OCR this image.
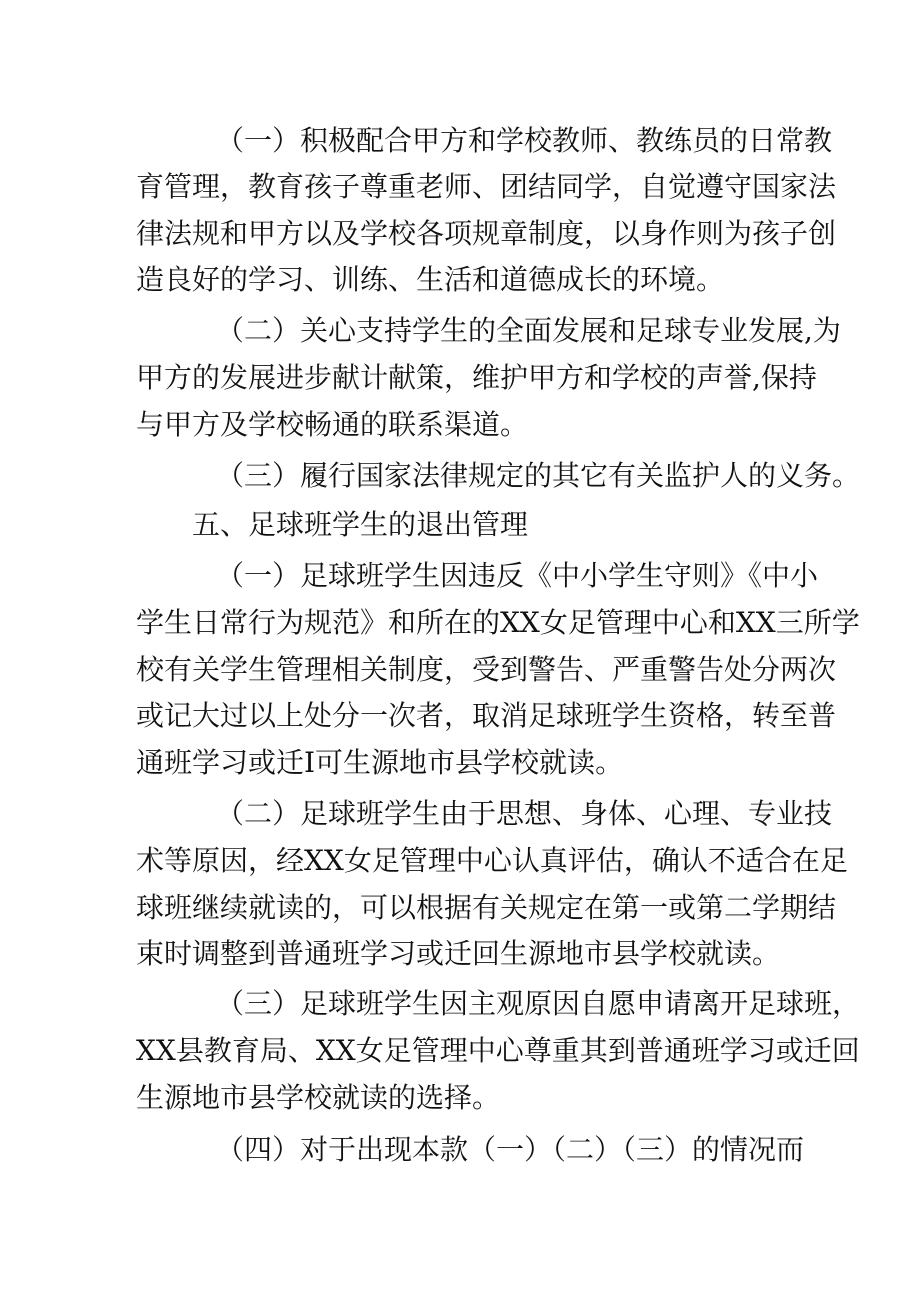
（一）积极配合甲方和学校教师、教练员的日常教
育管理，教育孩子尊重老师、团结同学，自觉遵守国家法
律法规和甲方以及学校各项规章制度，以身作则为孩子创
造良好的学习、训练、生活和道德成长的环境。
（二）关心支持学生的全面发展和足球专业发展,为
甲方的发展进步献计献策，维护甲方和学校的声誉,保持
与甲方及学校畅通的联系渠道。
（三）履行国家法律规定的其它有关监护人的义务。
五、足球班学生的退出管理
（一）足球班学生因违反《中小学生守则》《中小
学生日常行为规范》和所在的XX女足管理中心和XX三所学
校有关学生管理相关制度，受到警告、严重警告处分两次
或记大过以上处分一次者，取消足球班学生资格，转至普
通班学习或迁I可生源地市县学校就读。
（二）足球班学生由于思想、身体、心理、专业技
术等原因，经XX女足管理中心认真评估，确认不适合在足
球班继续就读的，可以根据有关规定在第一或第二学期结
束时调整到普通班学习或迁回生源地市县学校就读。
（三）足球班学生因主观原因自愿申请离开足球班，
XX县教育局、XX女足管理中心尊重其到普通班学习或迁回
生源地市县学校就读的选择。
（四）对于出现本款（一）（二）（三）的情况而
